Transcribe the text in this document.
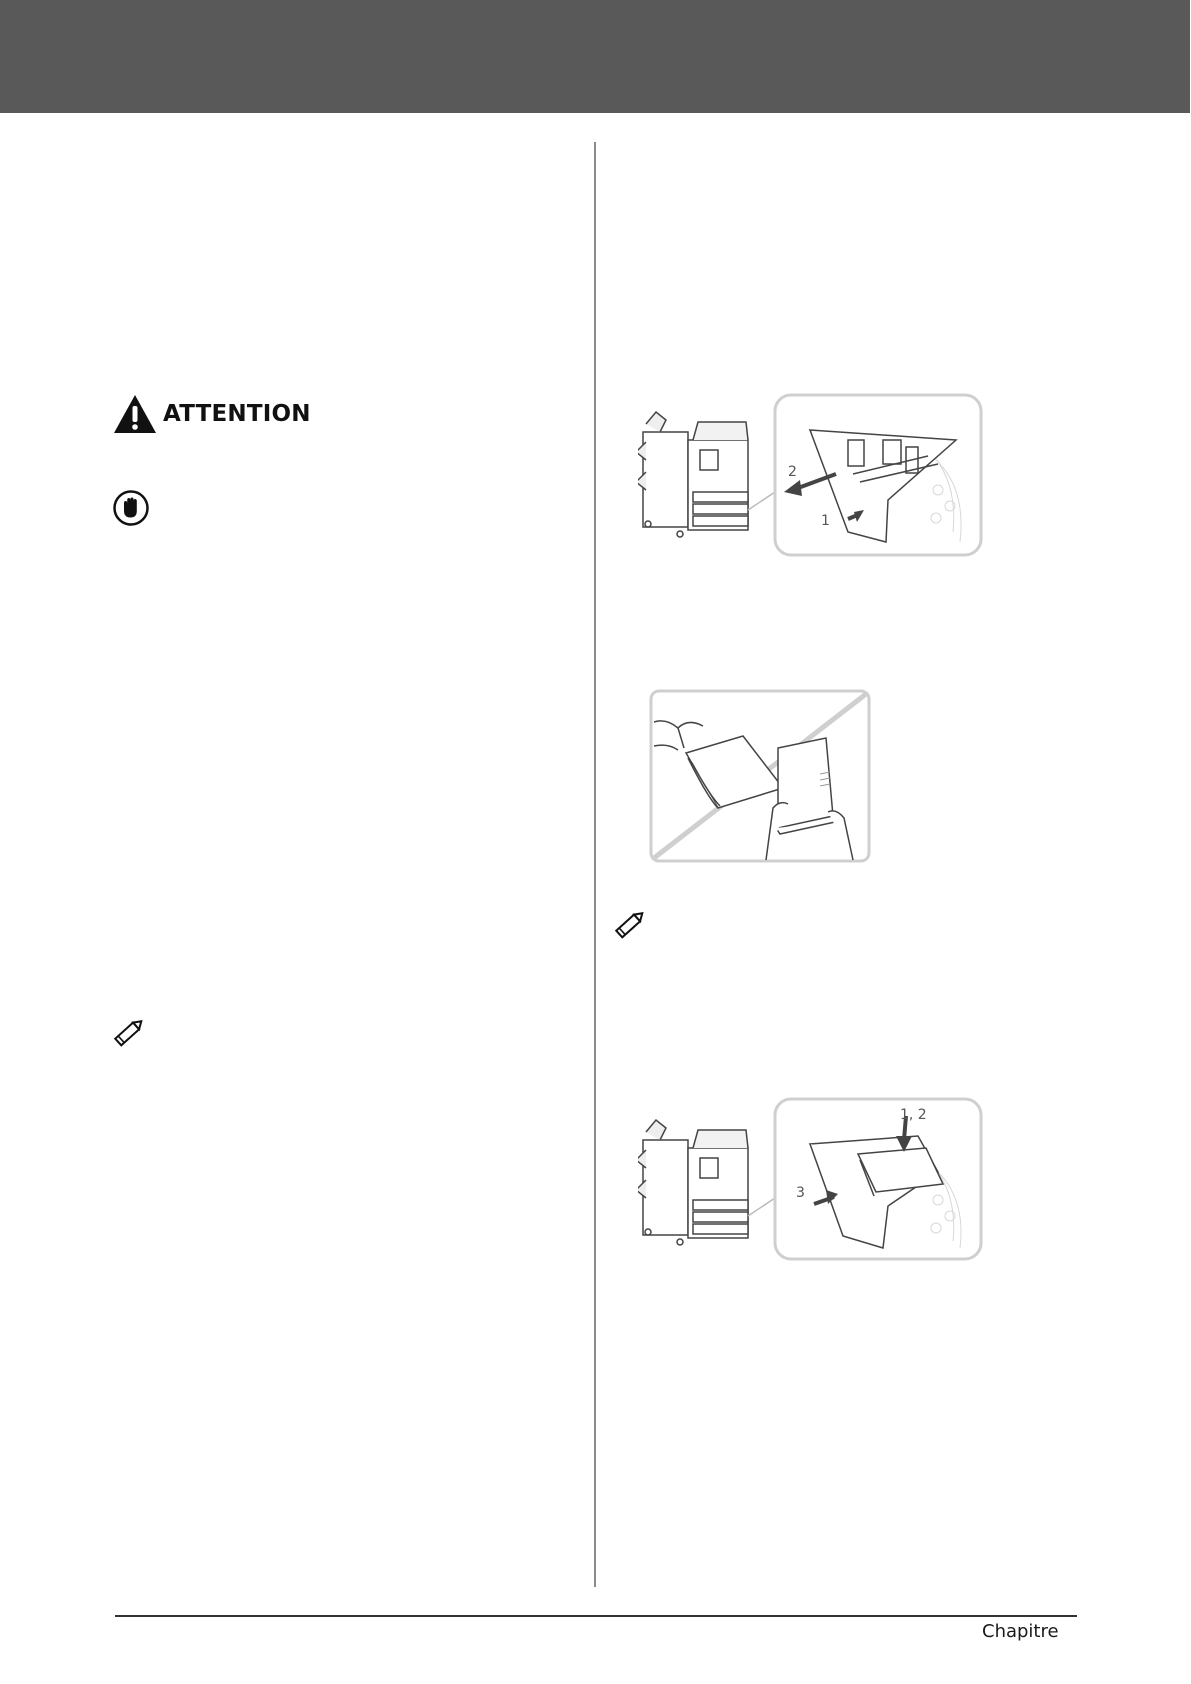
ATTENTION
2
1
1, 2
3
Chapitre
